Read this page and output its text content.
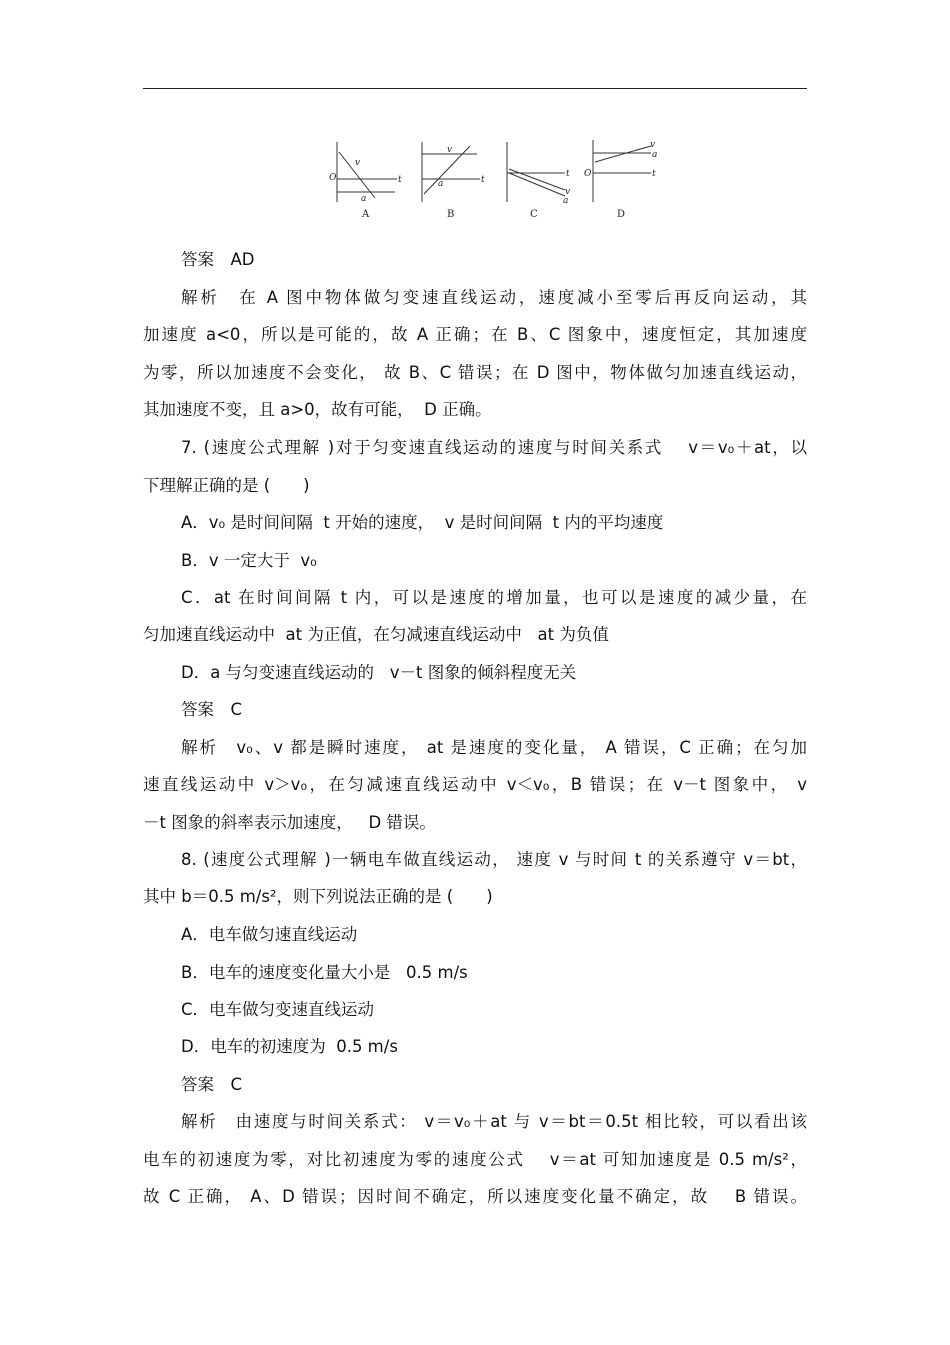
O	t
v
a
t
v
a
t
v
a
O	t
v
a
A	B	C	D
答案　AD
解析　在 A 图中物体做匀变速直线运动，速度减小至零后再反向运动，其
加速度 a<0，所以是可能的，故 A 正确；在 B、C 图象中，速度恒定，其加速度
为零，所以加速度不会变化， 故 B、C 错误；在 D 图中，物体做匀加速直线运动，
其加速度不变，且 a>0，故有可能，  D 正确。
7. (速度公式理解 )对于匀变速直线运动的速度与时间关系式　 v＝v₀＋at，以
下理解正确的是 (　　)
A．v₀ 是时间间隔  t 开始的速度，  v 是时间间隔  t 内的平均速度
B．v 一定大于  v₀
C．at 在时间间隔 t 内，可以是速度的增加量，也可以是速度的减少量，在
匀加速直线运动中  at 为正值，在匀减速直线运动中   at 为负值
D．a 与匀变速直线运动的   v－t 图象的倾斜程度无关
答案　C
解析　v₀、v 都是瞬时速度， at 是速度的变化量， A 错误，C 正确；在匀加
速直线运动中 v＞v₀，在匀减速直线运动中 v＜v₀，B 错误；在 v－t 图象中， v
－t 图象的斜率表示加速度，   D 错误。
8. (速度公式理解 )一辆电车做直线运动， 速度 v 与时间 t 的关系遵守 v＝bt，
其中 b＝0.5 m/s²，则下列说法正确的是 (　　)
A．电车做匀速直线运动
B．电车的速度变化量大小是   0.5 m/s
C．电车做匀变速直线运动
D．电车的初速度为  0.5 m/s
答案　C
解析　由速度与时间关系式： v＝v₀＋at 与 v＝bt＝0.5t 相比较，可以看出该
电车的初速度为零，对比初速度为零的速度公式　 v＝at 可知加速度是 0.5 m/s²，
故 C 正确， A、D 错误；因时间不确定，所以速度变化量不确定，故　 B 错误。
